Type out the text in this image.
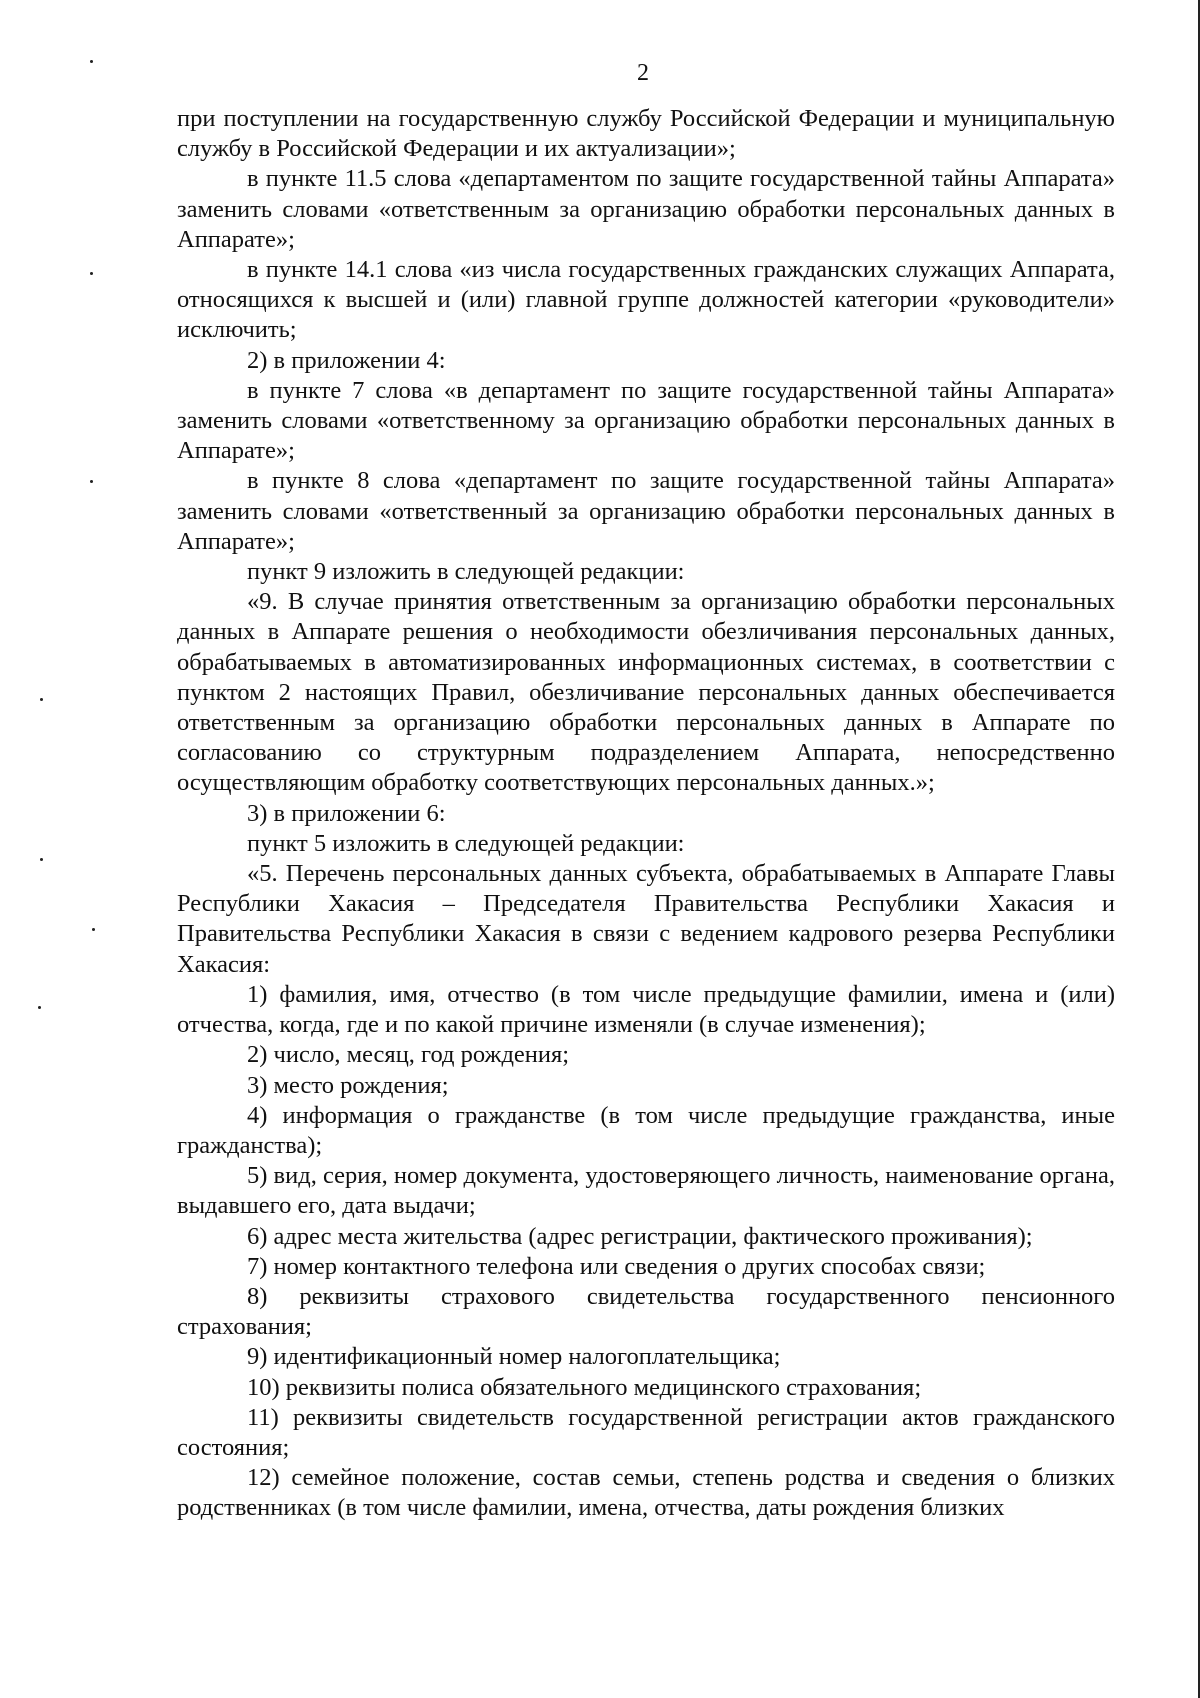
2

при поступлении на государственную службу Российской Федерации и муниципальную службу в Российской Федерации и их актуализации»;

в пункте 11.5 слова «департаментом по защите государственной тайны Аппарата» заменить словами «ответственным за организацию обработки персональных данных в Аппарате»;

в пункте 14.1 слова «из числа государственных гражданских служащих Аппарата, относящихся к высшей и (или) главной группе должностей категории «руководители» исключить;

2) в приложении 4:

в пункте 7 слова «в департамент по защите государственной тайны Аппарата» заменить словами «ответственному за организацию обработки персональных данных в Аппарате»;

в пункте 8 слова «департамент по защите государственной тайны Аппарата» заменить словами «ответственный за организацию обработки персональных данных в Аппарате»;

пункт 9 изложить в следующей редакции:

«9. В случае принятия ответственным за организацию обработки персональных данных в Аппарате решения о необходимости обезличивания персональных данных, обрабатываемых в автоматизированных информационных системах, в соответствии с пунктом 2 настоящих Правил, обезличивание персональных данных обеспечивается ответственным за организацию обработки персональных данных в Аппарате по согласованию со структурным подразделением Аппарата, непосредственно осуществляющим обработку соответствующих персональных данных.»;

3) в приложении 6:

пункт 5 изложить в следующей редакции:

«5. Перечень персональных данных субъекта, обрабатываемых в Аппарате Главы Республики Хакасия – Председателя Правительства Республики Хакасия и Правительства Республики Хакасия в связи с ведением кадрового резерва Республики Хакасия:

1) фамилия, имя, отчество (в том числе предыдущие фамилии, имена и (или) отчества, когда, где и по какой причине изменяли (в случае изменения);

2) число, месяц, год рождения;

3) место рождения;

4) информация о гражданстве (в том числе предыдущие гражданства, иные гражданства);

5) вид, серия, номер документа, удостоверяющего личность, наименование органа, выдавшего его, дата выдачи;

6) адрес места жительства (адрес регистрации, фактического проживания);

7) номер контактного телефона или сведения о других способах связи;

8) реквизиты страхового свидетельства государственного пенсионного страхования;

9) идентификационный номер налогоплательщика;

10) реквизиты полиса обязательного медицинского страхования;

11) реквизиты свидетельств государственной регистрации актов гражданского состояния;

12) семейное положение, состав семьи, степень родства и сведения о близких родственниках (в том числе фамилии, имена, отчества, даты рождения близких
